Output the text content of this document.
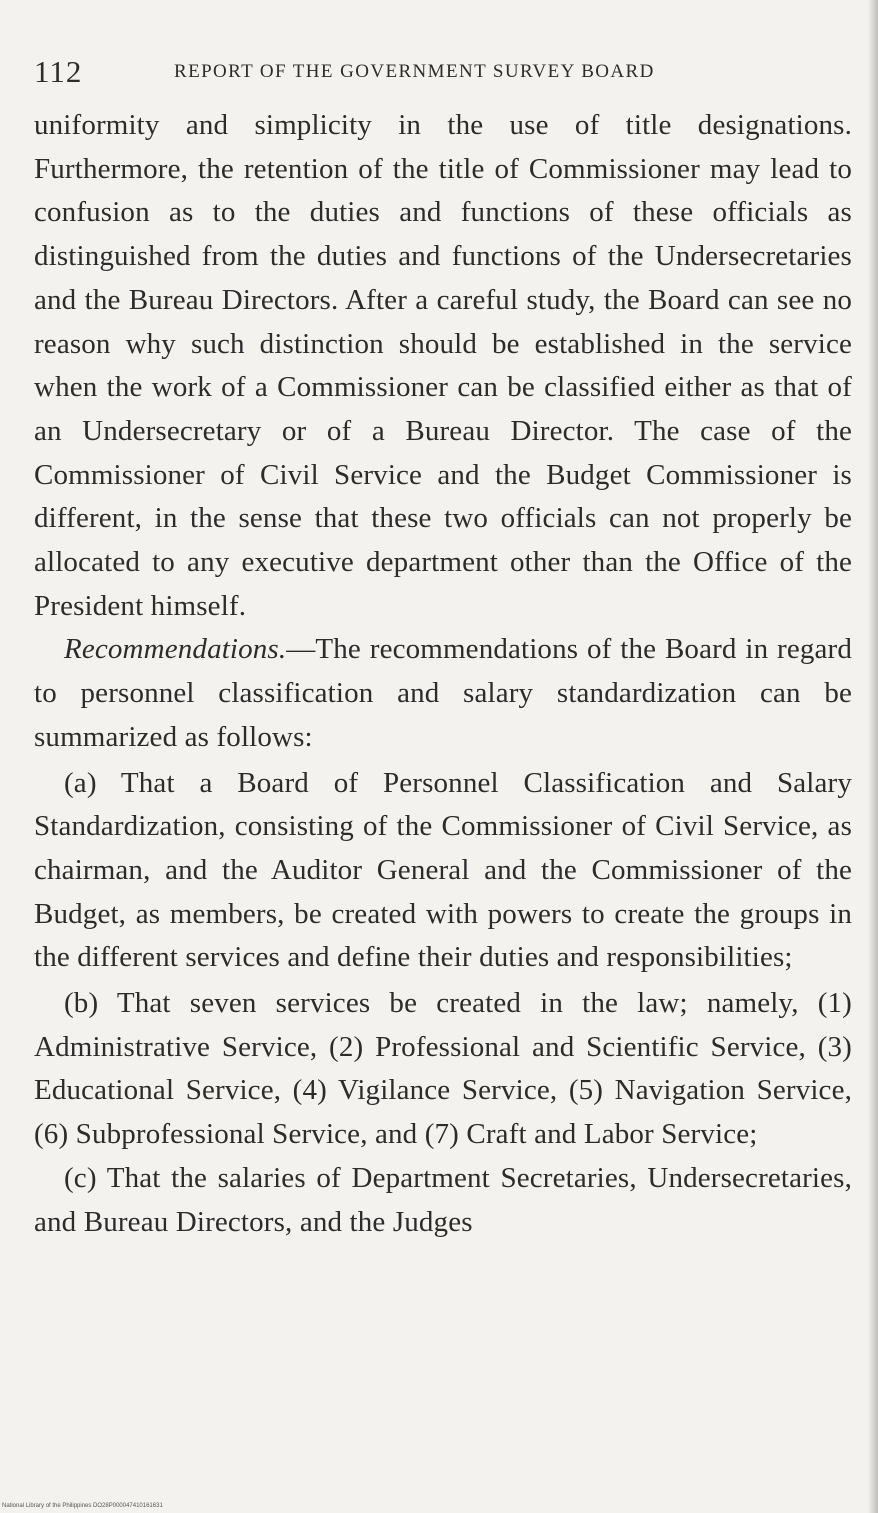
112	REPORT OF THE GOVERNMENT SURVEY BOARD

uniformity and simplicity in the use of title designations. Furthermore, the retention of the title of Commissioner may lead to confusion as to the duties and functions of these officials as distinguished from the duties and functions of the Undersecretaries and the Bureau Directors. After a careful study, the Board can see no reason why such distinction should be established in the service when the work of a Commissioner can be classified either as that of an Undersecretary or of a Bureau Director. The case of the Commissioner of Civil Service and the Budget Commissioner is different, in the sense that these two officials can not properly be allocated to any executive department other than the Office of the President himself.

Recommendations.—The recommendations of the Board in regard to personnel classification and salary standardization can be summarized as follows:

(a) That a Board of Personnel Classification and Salary Standardization, consisting of the Commissioner of Civil Service, as chairman, and the Auditor General and the Commissioner of the Budget, as members, be created with powers to create the groups in the different services and define their duties and responsibilities;

(b) That seven services be created in the law; namely, (1) Administrative Service, (2) Professional and Scientific Service, (3) Educational Service, (4) Vigilance Service, (5) Navigation Service, (6) Subprofessional Service, and (7) Craft and Labor Service;

(c) That the salaries of Department Secretaries, Undersecretaries, and Bureau Directors, and the Judges

National Library of the Philippines DO28P000047410161631
